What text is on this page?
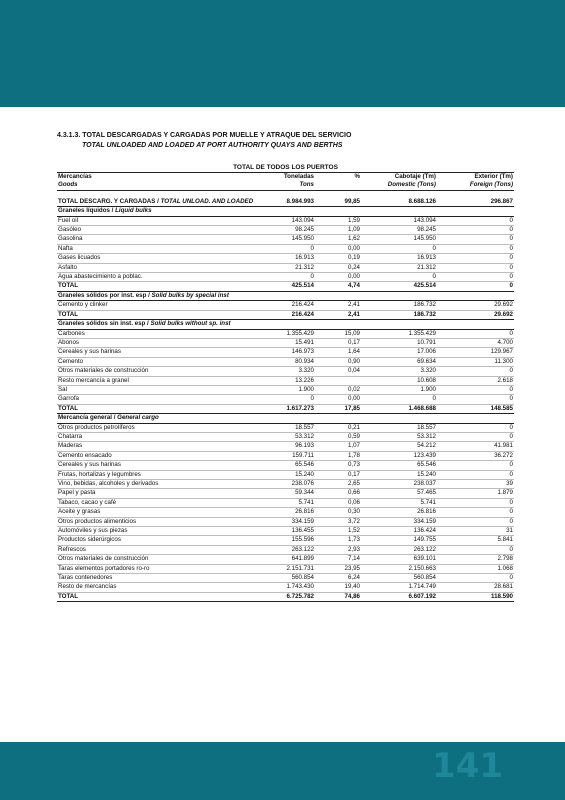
4.3.1.3. TOTAL DESCARGADAS Y CARGADAS POR MUELLE Y ATRAQUE DEL SERVICIO
TOTAL UNLOADED AND LOADED AT PORT AUTHORITY QUAYS AND BERTHS
TOTAL DE TODOS LOS PUERTOS
Mercancías	Toneladas	%	Cabotaje (Tm)	Exterior (Tm)
Goods	Tons		Domestic (Tons)	Foreign (Tons)

TOTAL DESCARG. Y CARGADAS / TOTAL UNLOAD. AND LOADED	8.984.993	99,85	8.688.126	296.867
Graneles líquidos / Liquid bulks				
Fuel oil	143.094	1,59	143.094	0
Gasóleo	98.245	1,09	98.245	0
Gasolina	145.950	1,62	145.950	0
Nafta	0	0,00	0	0
Gases licuados	16.913	0,19	16.913	0
Asfalto	21.312	0,24	21.312	0
Agua abastecimiento a poblac.	0	0,00	0	0
TOTAL	425.514	4,74	425.514	0
Graneles sólidos por inst. esp / Solid bulks by special inst				
Cemento y clinker	216.424	2,41	186.732	29.692
TOTAL	216.424	2,41	186.732	29.692
Graneles sólidos sin inst. esp / Solid bulks without sp. inst				
Carbones	1.355.429	15,09	1.355.429	0
Abonos	15.491	0,17	10.791	4.700
Cereales y sus harinas	146.973	1,64	17.006	129.967
Cemento	80.934	0,90	69.634	11.300
Otros materiales de construcción	3.320	0,04	3.320	0
Resto mercancía a granel	13.226		10.608	2.618
Sal	1.900	0,02	1.900	0
Garrofa	0	0,00	0	0
TOTAL	1.617.273	17,85	1.468.688	148.585
Mercancía general / General cargo				
Otros productos petrolíferos	18.557	0,21	18.557	0
Chatarra	53.312	0,59	53.312	0
Maderas	96.193	1,07	54.212	41.981
Cemento ensacado	159.711	1,78	123.439	36.272
Cereales y sus harinas	65.546	0,73	65.546	0
Frutas, hortalizas y legumbres	15.240	0,17	15.240	0
Vino, bebidas, alcoholes y derivados	238.076	2,65	238.037	39
Papel y pasta	59.344	0,66	57.465	1.879
Tabaco, cacao y café	5.741	0,06	5.741	0
Aceite y grasas	26.816	0,30	26.816	0
Otros productos alimenticios	334.159	3,72	334.159	0
Automóviles y sus piezas	136.455	1,52	136.424	31
Productos siderúrgicos	155.596	1,73	149.755	5.841
Refrescos	263.122	2,93	263.122	0
Otros materiales de construcción	641.899	7,14	639.101	2.798
Taras elementos portadores ro-ro	2.151.731	23,95	2.150.663	1.068
Taras contenedores	560.854	6,24	560.854	0
Resto de mercancías	1.743.430	19,40	1.714.749	28.681
TOTAL	6.725.782	74,86	6.607.192	118.590
141
